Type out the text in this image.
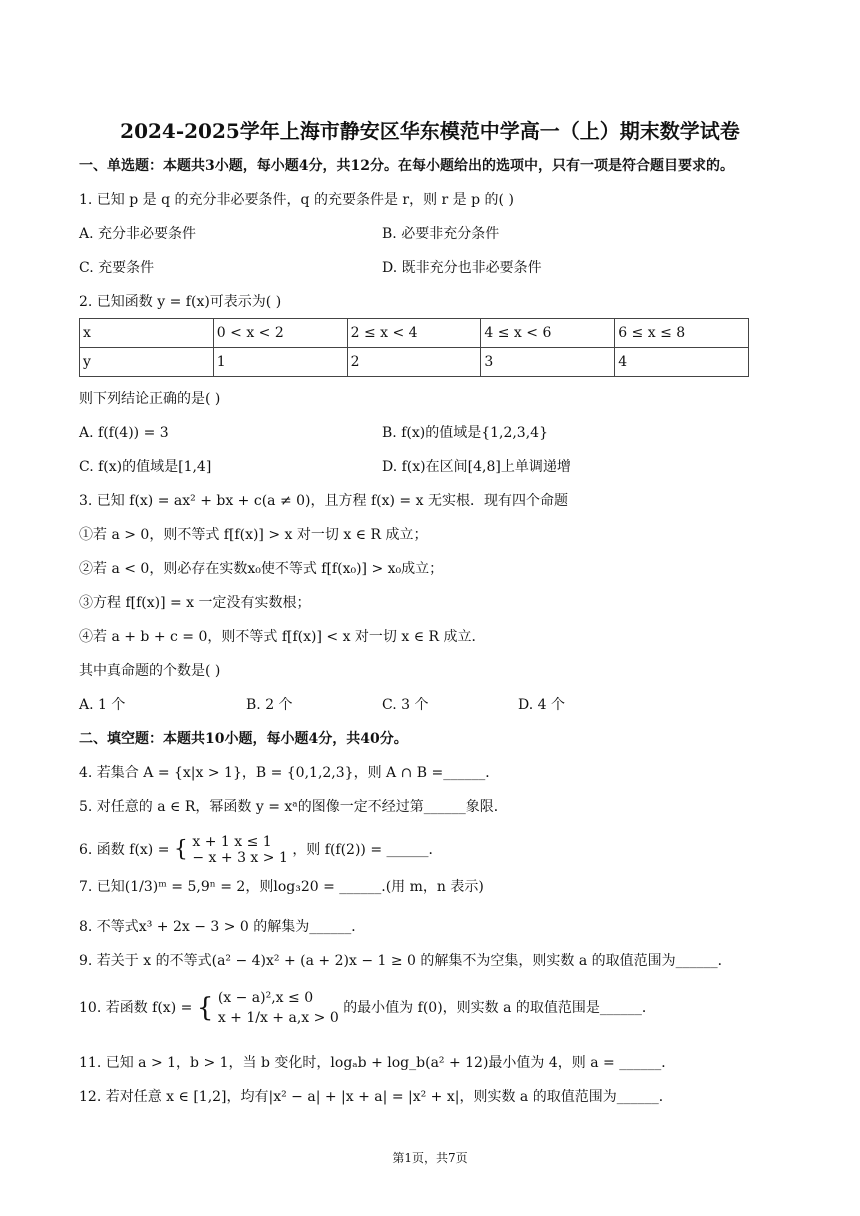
2024-2025学年上海市静安区华东模范中学高一（上）期末数学试卷
一、单选题：本题共3小题，每小题4分，共12分。在每小题给出的选项中，只有一项是符合题目要求的。
1. 已知 p 是 q 的充分非必要条件，q 的充要条件是 r，则 r 是 p 的( )
A. 充分非必要条件	B. 必要非充分条件
C. 充要条件	D. 既非充分也非必要条件
2. 已知函数 y = f(x)可表示为( )
x	0 < x < 2	2 ≤ x < 4	4 ≤ x < 6	6 ≤ x ≤ 8
y	1	2	3	4
则下列结论正确的是( )
A. f(f(4)) = 3	B. f(x)的值域是{1,2,3,4}
C. f(x)的值域是[1,4]	D. f(x)在区间[4,8]上单调递增
3. 已知 f(x) = ax² + bx + c(a ≠ 0)，且方程 f(x) = x 无实根．现有四个命题
①若 a > 0，则不等式 f[f(x)] > x 对一切 x ∈ R 成立；
②若 a < 0，则必存在实数x₀使不等式 f[f(x₀)] > x₀成立；
③方程 f[f(x)] = x 一定没有实数根；
④若 a + b + c = 0，则不等式 f[f(x)] < x 对一切 x ∈ R 成立．
其中真命题的个数是( )
A. 1 个	B. 2 个	C. 3 个	D. 4 个
二、填空题：本题共10小题，每小题4分，共40分。
4. 若集合 A = {x|x > 1}，B = {0,1,2,3}，则 A ∩ B =______．
5. 对任意的 a ∈ R，幂函数 y = xᵃ的图像一定不经过第______象限．
6. 函数 f(x) = { x + 1 x ≤ 1
− x + 3 x > 1 ，则 f(f(2)) = ______．
7. 已知(1/3)ᵐ = 5,9ⁿ = 2，则log₃20 = ______.(用 m，n 表示)
8. 不等式x³ + 2x − 3 > 0 的解集为______．
9. 若关于 x 的不等式(a² − 4)x² + (a + 2)x − 1 ≥ 0 的解集不为空集，则实数 a 的取值范围为______．
10. 若函数 f(x) = { (x − a)²,x ≤ 0
x + 1/x + a,x > 0
的最小值为 f(0)，则实数 a 的取值范围是______．
11. 已知 a > 1，b > 1，当 b 变化时，logₐb + log_b(a² + 12)最小值为 4，则 a = ______．
12. 若对任意 x ∈ [1,2]，均有|x² − a| + |x + a| = |x² + x|，则实数 a 的取值范围为______．
第1页，共7页
